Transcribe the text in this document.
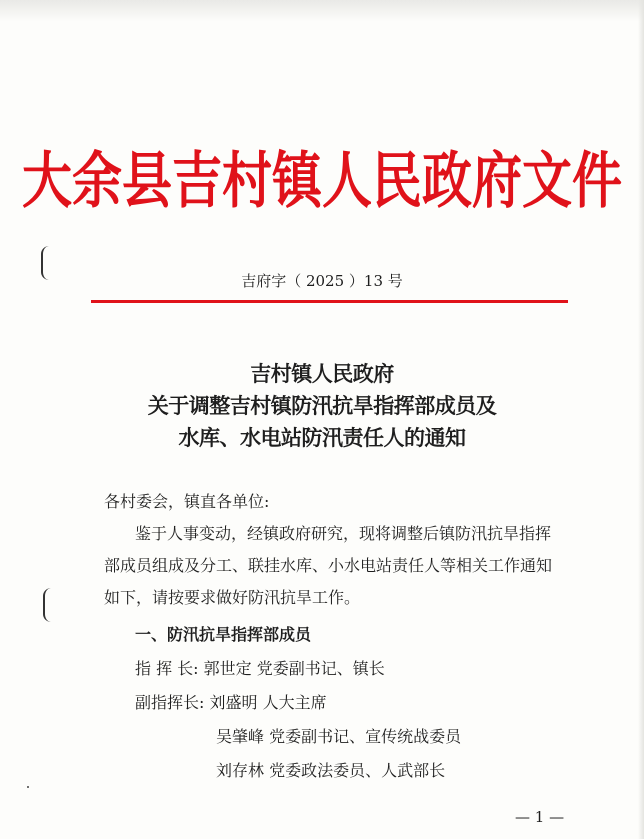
大余县吉村镇人民政府文件
吉府字（ 2025 ）13 号
吉村镇人民政府
关于调整吉村镇防汛抗旱指挥部成员及
水库、水电站防汛责任人的通知
各村委会，镇直各单位:
鉴于人事变动，经镇政府研究，现将调整后镇防汛抗旱指挥
部成员组成及分工、联挂水库、小水电站责任人等相关工作通知
如下，请按要求做好防汛抗旱工作。
一、防汛抗旱指挥部成员
指 挥 长: 郭世定 党委副书记、镇长
副指挥长: 刘盛明 人大主席
吴肇峰 党委副书记、宣传统战委员
刘存林 党委政法委员、人武部长
— 1 —
